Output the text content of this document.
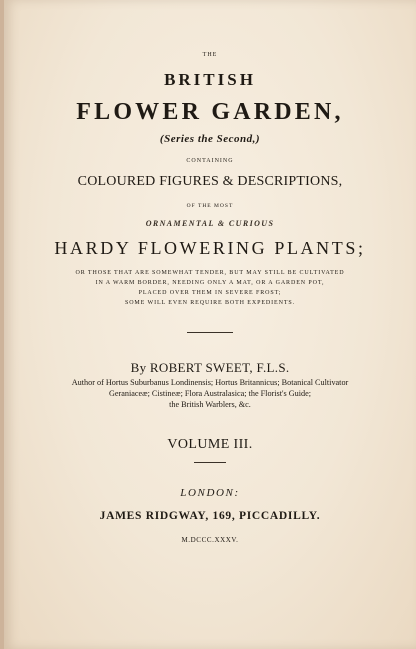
THE
BRITISH
FLOWER GARDEN,
(Series the Second,)
CONTAINING
COLOURED FIGURES & DESCRIPTIONS,
OF THE MOST
ORNAMENTAL & CURIOUS
HARDY FLOWERING PLANTS;
OR THOSE THAT ARE SOMEWHAT TENDER, BUT MAY STILL BE CULTIVATED
IN A WARM BORDER, NEEDING ONLY A MAT, OR A GARDEN POT,
PLACED OVER THEM IN SEVERE FROST;
SOME WILL EVEN REQUIRE BOTH EXPEDIENTS.
By ROBERT SWEET, F.L.S.
Author of Hortus Suburbanus Londinensis; Hortus Britannicus; Botanical Cultivator
Geraniaceæ; Cistineæ; Flora Australasica; the Florist's Guide;
the British Warblers, &c.
VOLUME III.
LONDON:
JAMES RIDGWAY, 169, PICCADILLY.
M.DCCC.XXXV.
